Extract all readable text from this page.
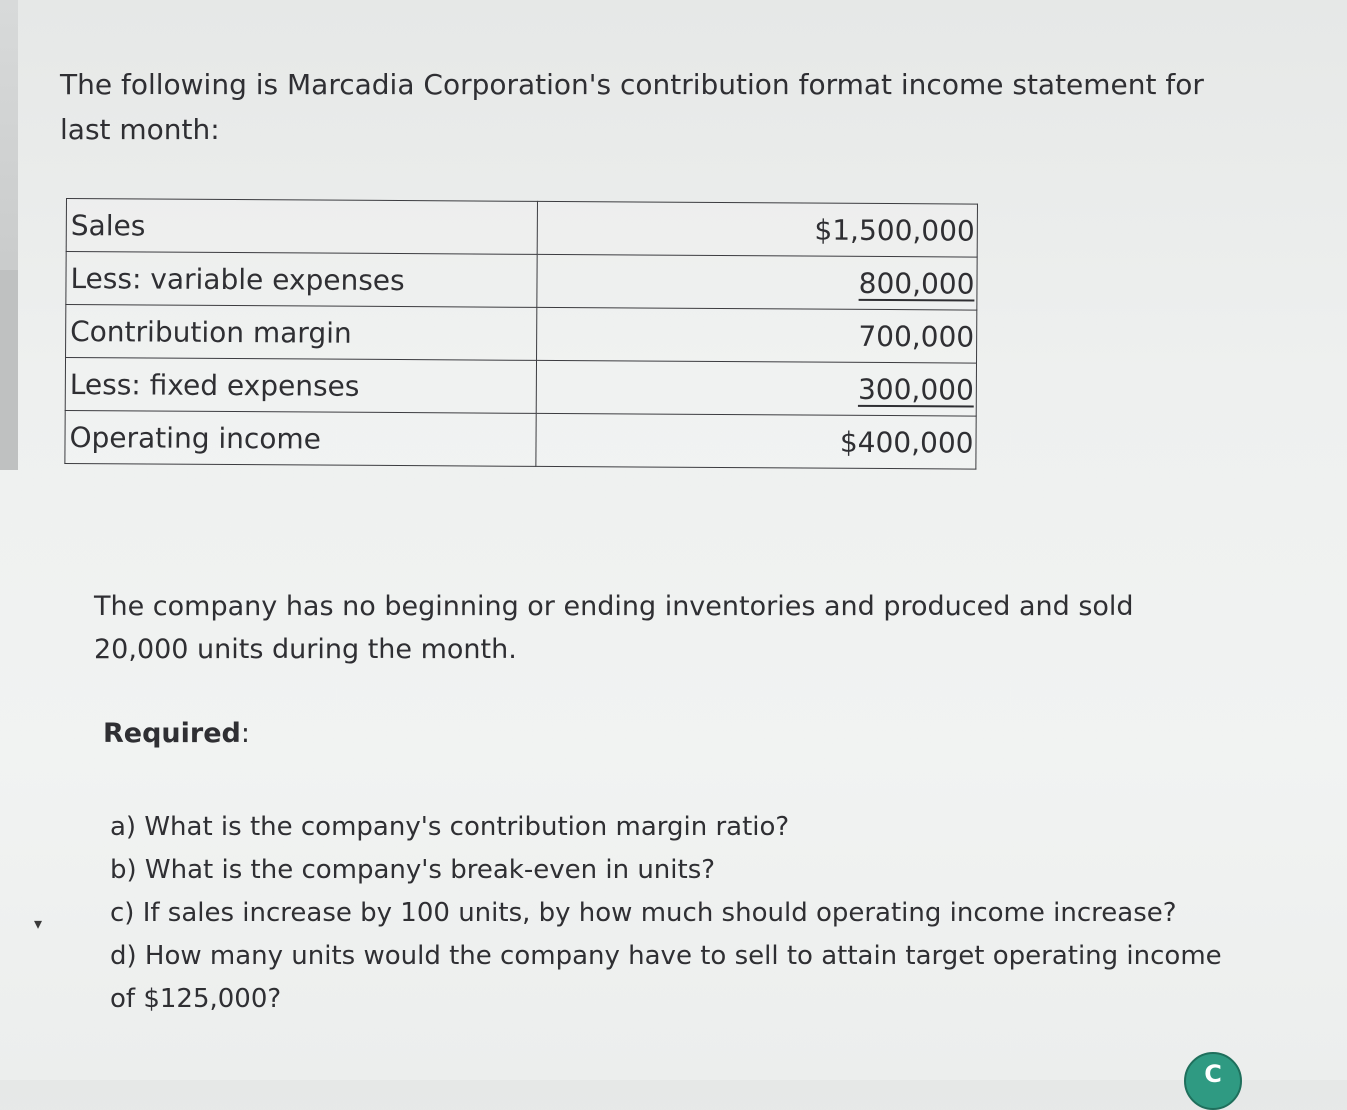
▾

The following is Marcadia Corporation's contribution format income statement for last month:

Sales	$1,500,000
Less: variable expenses	800,000
Contribution margin	700,000
Less: fixed expenses	300,000
Operating income	$400,000

The company has no beginning or ending inventories and produced and sold 20,000 units during the month.

Required:

a) What is the company's contribution margin ratio?
b) What is the company's break-even in units?
c) If sales increase by 100 units, by how much should operating income increase?
d) How many units would the company have to sell to attain target operating income of $125,000?
C
